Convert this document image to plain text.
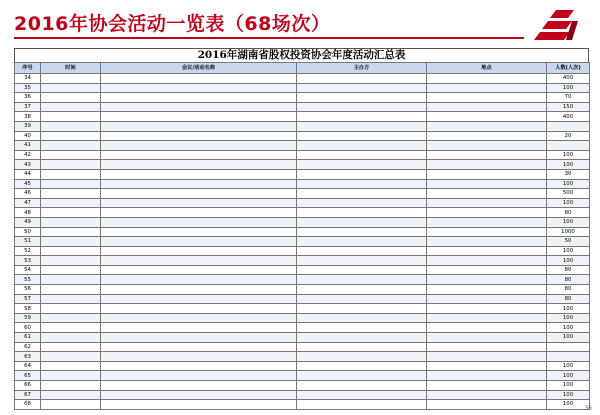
2016年协会活动一览表（68场次）
2016年湖南省股权投资协会年度活动汇总表
序号	时间	会议/活动名称	主办方	地点	人数(人次)
34					400
35					100
36					70
37					150
38					400
39					
40					20
41					
42					100
43					100
44					30
45					100
46					500
47					100
48					80
49					100
50					1000
51					50
52					100
53					100
54					80
55					80
56					80
57					80
58					100
59					100
60					100
61					100
62					
63					
64					100
65					100
66					100
67					100
68					100
36
